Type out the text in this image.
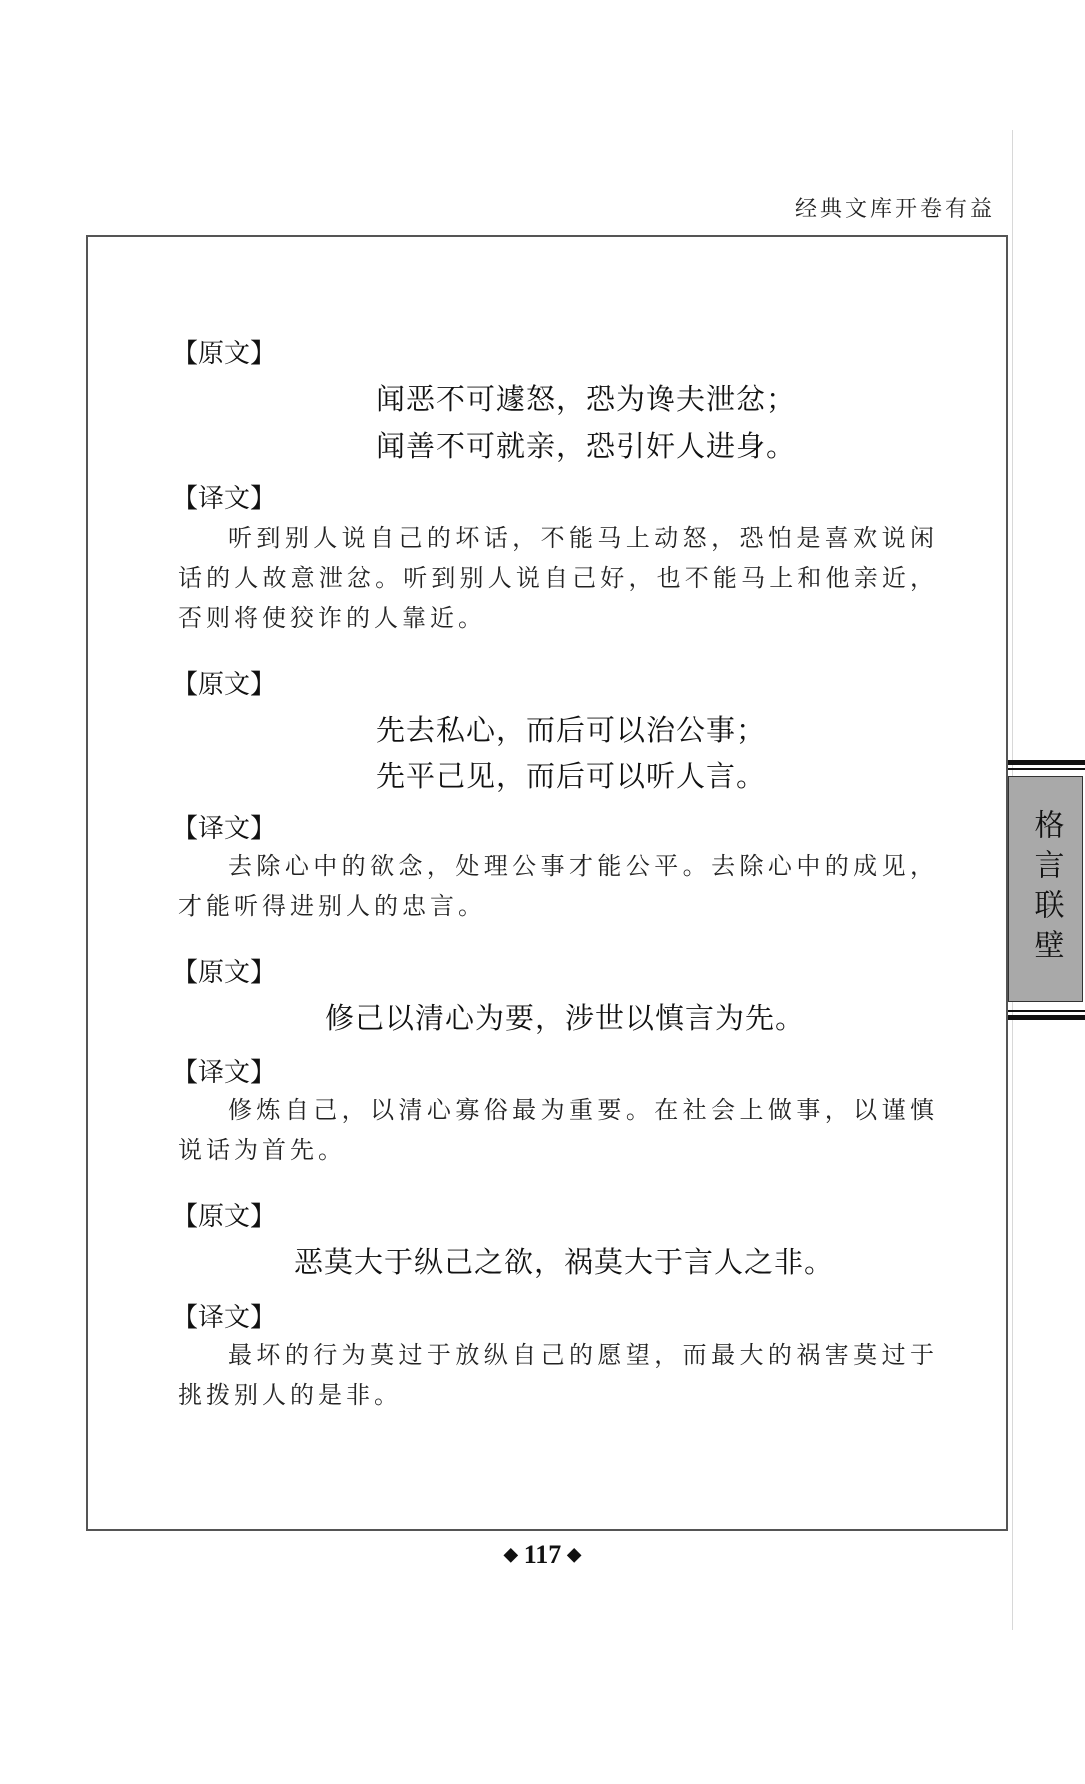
经典文库开卷有益
【原文】
闻恶不可遽怒，恐为谗夫泄忿；
闻善不可就亲，恐引奸人进身。
【译文】
听到别人说自己的坏话，不能马上动怒，恐怕是喜欢说闲话的人故意泄忿。听到别人说自己好，也不能马上和他亲近，否则将使狡诈的人靠近。
【原文】
先去私心，而后可以治公事；
先平己见，而后可以听人言。
【译文】
去除心中的欲念，处理公事才能公平。去除心中的成见，才能听得进别人的忠言。
【原文】
修己以清心为要，涉世以慎言为先。
【译文】
修炼自己，以清心寡俗最为重要。在社会上做事，以谨慎说话为首先。
【原文】
恶莫大于纵己之欲，祸莫大于言人之非。
【译文】
最坏的行为莫过于放纵自己的愿望，而最大的祸害莫过于挑拨别人的是非。
格言联壁
◆ 117 ◆
